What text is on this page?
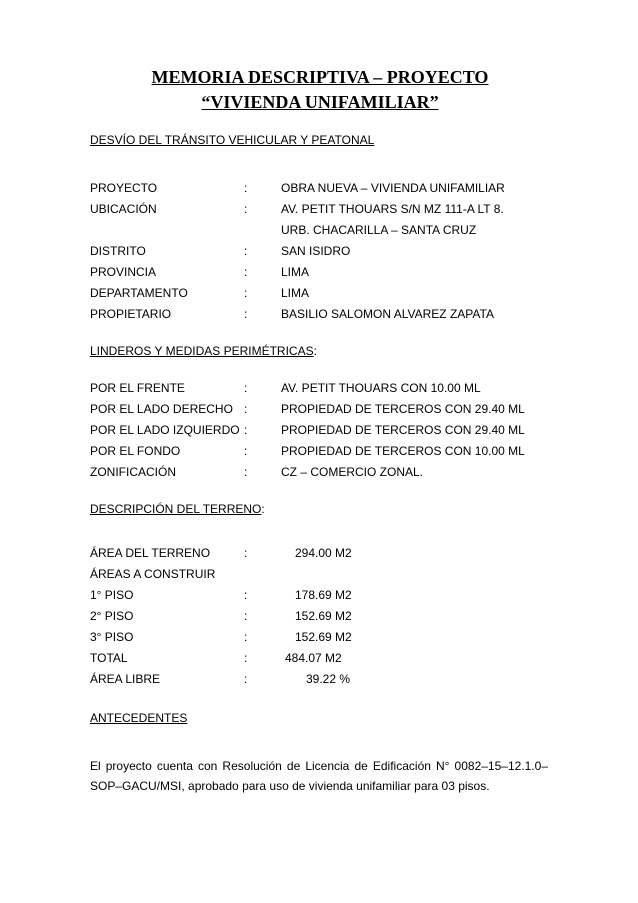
MEMORIA DESCRIPTIVA – PROYECTO
“VIVIENDA UNIFAMILIAR”
DESVÍO DEL TRÁNSITO VEHICULAR Y PEATONAL
PROYECTO	:	OBRA NUEVA – VIVIENDA UNIFAMILIAR
UBICACIÓN	:	AV. PETIT THOUARS S/N MZ 111-A LT 8.
URB. CHACARILLA – SANTA CRUZ
DISTRITO	:	SAN ISIDRO
PROVINCIA	:	LIMA
DEPARTAMENTO	:	LIMA
PROPIETARIO	:	BASILIO SALOMON ALVAREZ ZAPATA
LINDEROS Y MEDIDAS PERIMÉTRICAS:
POR EL FRENTE	:	AV. PETIT THOUARS CON 10.00 ML
POR EL LADO DERECHO :	PROPIEDAD DE TERCEROS CON 29.40 ML
POR EL LADO IZQUIERDO :	PROPIEDAD DE TERCEROS CON 29.40 ML
POR EL FONDO	:	PROPIEDAD DE TERCEROS CON 10.00 ML
ZONIFICACIÓN	:	CZ – COMERCIO ZONAL.
DESCRIPCIÓN DEL TERRENO:
ÁREA DEL TERRENO	:	294.00 M2
ÁREAS A CONSTRUIR
1° PISO	:	178.69 M2
2° PISO	:	152.69 M2
3° PISO	:	152.69 M2
TOTAL	:	484.07 M2
ÁREA LIBRE	:	39.22 %
ANTECEDENTES
El proyecto cuenta con Resolución de Licencia de Edificación N° 0082–15–12.1.0–SOP–GACU/MSI, aprobado para uso de vivienda unifamiliar para 03 pisos.
